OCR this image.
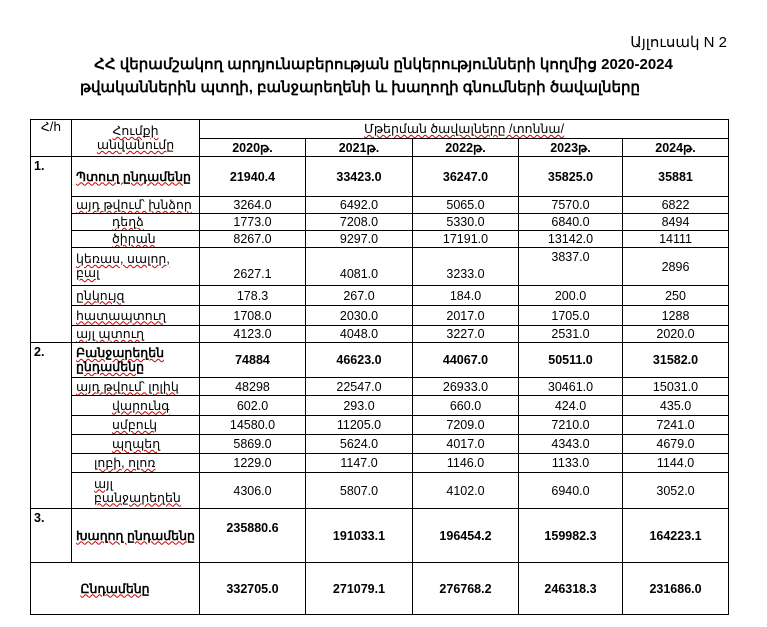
Այլուսակ N 2
ՀՀ վերամշակող արդյունաբերության ընկերությունների կողմից 2020-2024
թվականներին պտղի, բանջարեղենի և խաղողի գնումների ծավալները
Հ/հ	Հումքի անվանումը	Մթերման ծավալները /տոննա/				
		2020թ.	2021թ.	2022թ.	2023թ.	2024թ.
1.	Պտուղ ընդամենը	21940.4	33423.0	36247.0	35825.0	35881
	այդ թվում՝ խնձոր	3264.0	6492.0	5065.0	7570.0	6822
	դեղձ	1773.0	7208.0	5330.0	6840.0	8494
	ծիրան	8267.0	9297.0	17191.0	13142.0	14111
	կեռաս, սալոր, բալ	2627.1	4081.0	3233.0	3837.0	2896
	ընկույզ	178.3	267.0	184.0	200.0	250
	հատապտուղ	1708.0	2030.0	2017.0	1705.0	1288
	այլ պտուղ	4123.0	4048.0	3227.0	2531.0	2020.0
2.	Բանջարեղեն ընդամենը	74884	46623.0	44067.0	50511.0	31582.0
	այդ թվում՝ լոլիկ	48298	22547.0	26933.0	30461.0	15031.0
	վարունգ	602.0	293.0	660.0	424.0	435.0
	սմբուկ	14580.0	11205.0	7209.0	7210.0	7241.0
	պղպեղ	5869.0	5624.0	4017.0	4343.0	4679.0
	լոբի, ոլոռ	1229.0	1147.0	1146.0	1133.0	1144.0
	այլ բանջարեղեն	4306.0	5807.0	4102.0	6940.0	3052.0
3.	Խաղող ընդամենը	235880.6	191033.1	196454.2	159982.3	164223.1
Ընդամենը		332705.0	271079.1	276768.2	246318.3	231686.0
